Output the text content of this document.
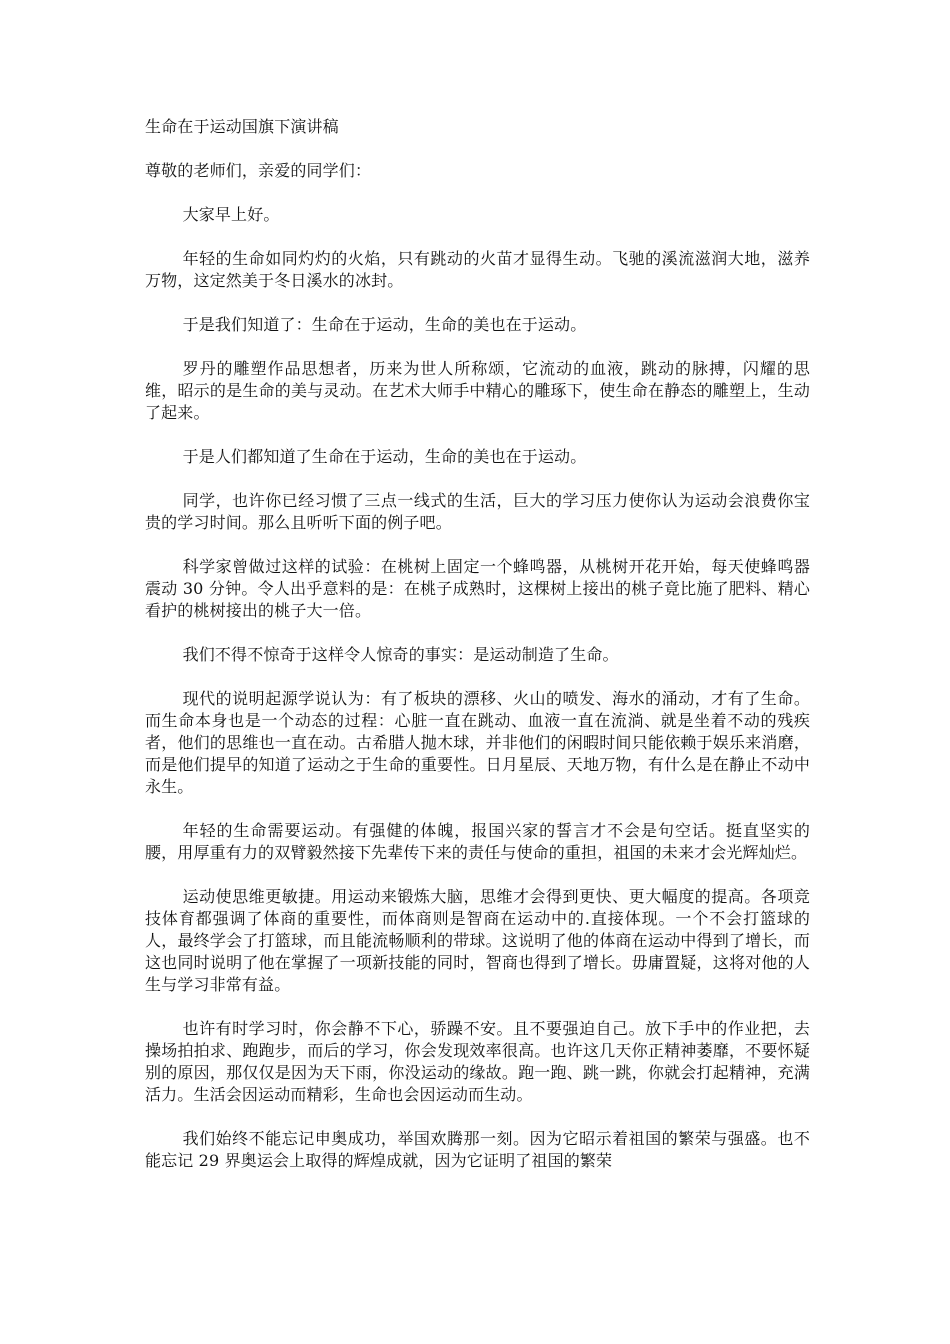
生命在于运动国旗下演讲稿
尊敬的老师们，亲爱的同学们：

大家早上好。

年轻的生命如同灼灼的火焰，只有跳动的火苗才显得生动。飞驰的溪流滋润大地，滋养万物，这定然美于冬日溪水的冰封。

于是我们知道了：生命在于运动，生命的美也在于运动。

罗丹的雕塑作品思想者，历来为世人所称颂，它流动的血液，跳动的脉搏，闪耀的思维，昭示的是生命的美与灵动。在艺术大师手中精心的雕琢下，使生命在静态的雕塑上，生动了起来。

于是人们都知道了生命在于运动，生命的美也在于运动。

同学，也许你已经习惯了三点一线式的生活，巨大的学习压力使你认为运动会浪费你宝贵的学习时间。那么且听听下面的例子吧。

科学家曾做过这样的试验：在桃树上固定一个蜂鸣器，从桃树开花开始，每天使蜂鸣器震动 30 分钟。令人出乎意料的是：在桃子成熟时，这棵树上接出的桃子竟比施了肥料、精心看护的桃树接出的桃子大一倍。

我们不得不惊奇于这样令人惊奇的事实：是运动制造了生命。

现代的说明起源学说认为：有了板块的漂移、火山的喷发、海水的涌动，才有了生命。而生命本身也是一个动态的过程：心脏一直在跳动、血液一直在流淌、就是坐着不动的残疾者，他们的思维也一直在动。古希腊人抛木球，并非他们的闲暇时间只能依赖于娱乐来消磨，而是他们提早的知道了运动之于生命的重要性。日月星辰、天地万物，有什么是在静止不动中永生。

年轻的生命需要运动。有强健的体魄，报国兴家的誓言才不会是句空话。挺直坚实的腰，用厚重有力的双臂毅然接下先辈传下来的责任与使命的重担，祖国的未来才会光辉灿烂。

运动使思维更敏捷。用运动来锻炼大脑，思维才会得到更快、更大幅度的提高。各项竞技体育都强调了体商的重要性，而体商则是智商在运动中的.直接体现。一个不会打篮球的人，最终学会了打篮球，而且能流畅顺利的带球。这说明了他的体商在运动中得到了增长，而这也同时说明了他在掌握了一项新技能的同时，智商也得到了增长。毋庸置疑，这将对他的人生与学习非常有益。

也许有时学习时，你会静不下心，骄躁不安。且不要强迫自己。放下手中的作业把，去操场拍拍求、跑跑步，而后的学习，你会发现效率很高。也许这几天你正精神萎靡，不要怀疑别的原因，那仅仅是因为天下雨，你没运动的缘故。跑一跑、跳一跳，你就会打起精神，充满活力。生活会因运动而精彩，生命也会因运动而生动。

我们始终不能忘记申奥成功，举国欢腾那一刻。因为它昭示着祖国的繁荣与强盛。也不能忘记 29 界奥运会上取得的辉煌成就，因为它证明了祖国的繁荣
